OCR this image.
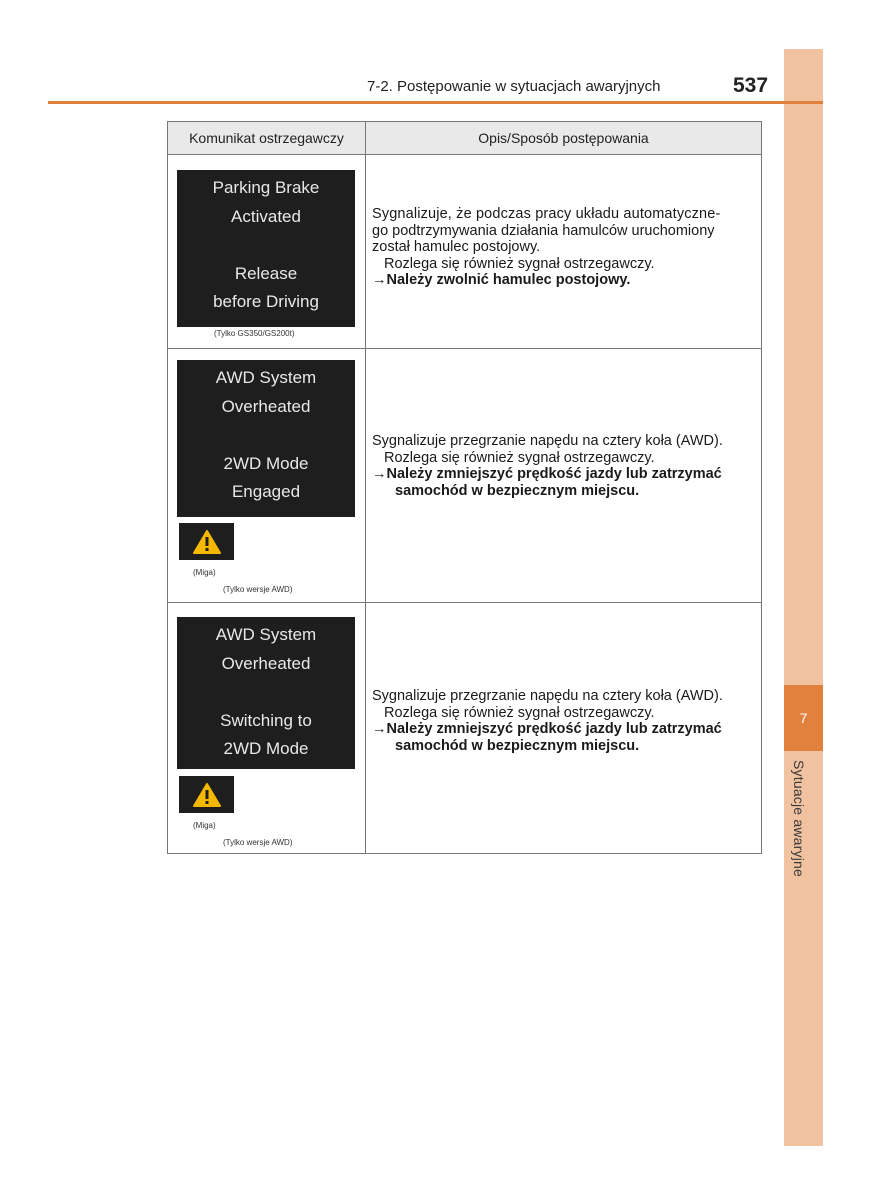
7
Sytuacje awaryjne
7-2. Postępowanie w sytuacjach awaryjnych	537
Komunikat ostrzegawczy	Opis/Sposób postępowania
Parking Brake
Activated
Release
before Driving
(Tylko GS350/GS200t)

Sygnalizuje, że podczas pracy układu automatyczne-

go podtrzymywania działania hamulców uruchomiony

został hamulec postojowy.

Rozlega się również sygnał ostrzegawczy.

→Należy zwolnić hamulec postojowy.

AWD System
Overheated
2WD Mode
Engaged
(Miga)
(Tylko wersje AWD)

Sygnalizuje przegrzanie napędu na cztery koła (AWD).

Rozlega się również sygnał ostrzegawczy.

→Należy zmniejszyć prędkość jazdy lub zatrzymać

samochód w bezpiecznym miejscu.

AWD System
Overheated
Switching to
2WD Mode
(Miga)
(Tylko wersje AWD)

Sygnalizuje przegrzanie napędu na cztery koła (AWD).

Rozlega się również sygnał ostrzegawczy.

→Należy zmniejszyć prędkość jazdy lub zatrzymać

samochód w bezpiecznym miejscu.
